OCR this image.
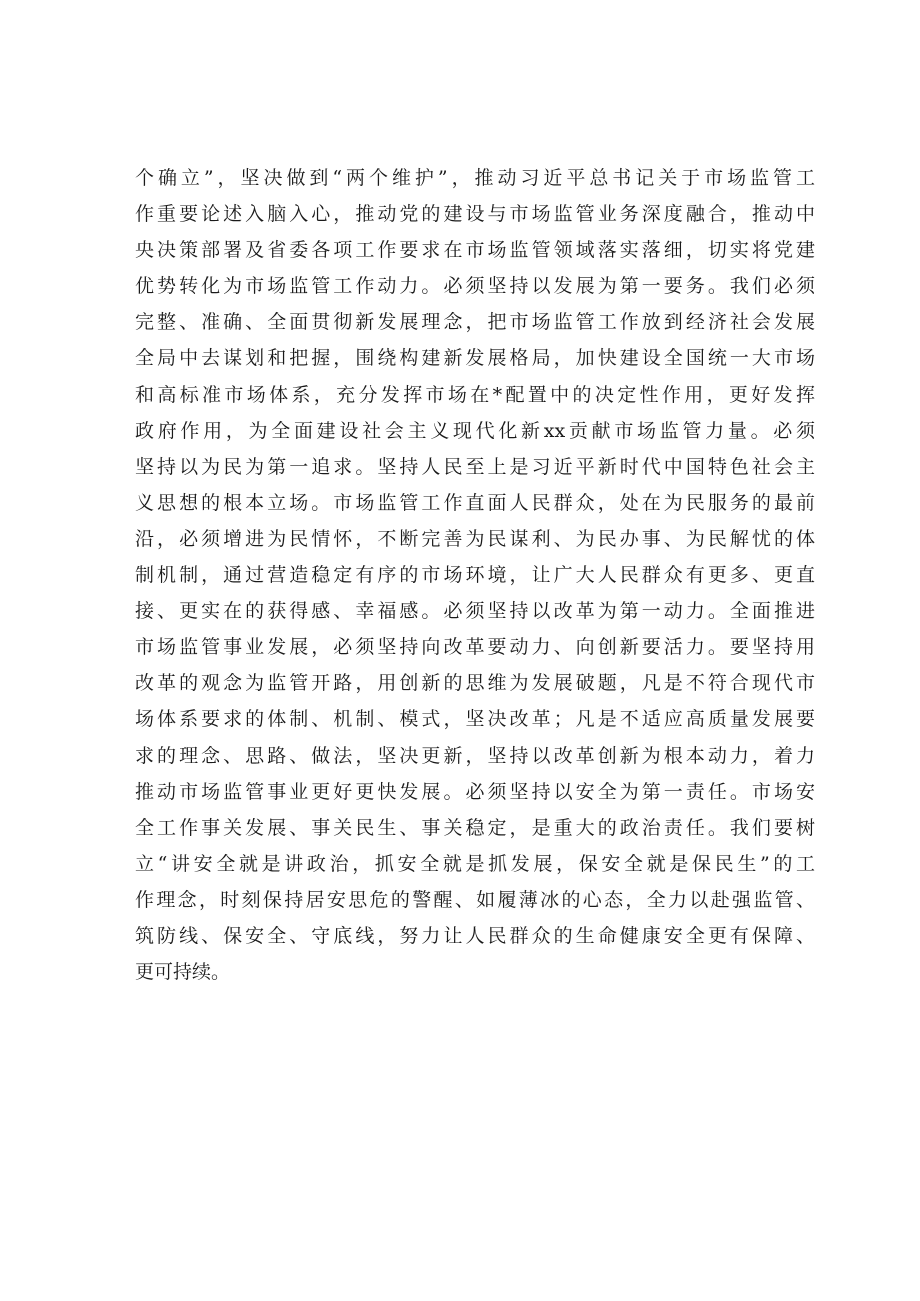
个确立”，坚决做到“两个维护”，推动习近平总书记关于市场监管工
作重要论述入脑入心，推动党的建设与市场监管业务深度融合，推动中
央决策部署及省委各项工作要求在市场监管领域落实落细，切实将党建
优势转化为市场监管工作动力。必须坚持以发展为第一要务。我们必须
完整、准确、全面贯彻新发展理念，把市场监管工作放到经济社会发展
全局中去谋划和把握，围绕构建新发展格局，加快建设全国统一大市场
和高标准市场体系，充分发挥市场在*配置中的决定性作用，更好发挥
政府作用，为全面建设社会主义现代化新xx贡献市场监管力量。必须
坚持以为民为第一追求。坚持人民至上是习近平新时代中国特色社会主
义思想的根本立场。市场监管工作直面人民群众，处在为民服务的最前
沿，必须增进为民情怀，不断完善为民谋利、为民办事、为民解忧的体
制机制，通过营造稳定有序的市场环境，让广大人民群众有更多、更直
接、更实在的获得感、幸福感。必须坚持以改革为第一动力。全面推进
市场监管事业发展，必须坚持向改革要动力、向创新要活力。要坚持用
改革的观念为监管开路，用创新的思维为发展破题，凡是不符合现代市
场体系要求的体制、机制、模式，坚决改革；凡是不适应高质量发展要
求的理念、思路、做法，坚决更新，坚持以改革创新为根本动力，着力
推动市场监管事业更好更快发展。必须坚持以安全为第一责任。市场安
全工作事关发展、事关民生、事关稳定，是重大的政治责任。我们要树
立“讲安全就是讲政治，抓安全就是抓发展，保安全就是保民生”的工
作理念，时刻保持居安思危的警醒、如履薄冰的心态，全力以赴强监管、
筑防线、保安全、守底线，努力让人民群众的生命健康安全更有保障、
更可持续。
